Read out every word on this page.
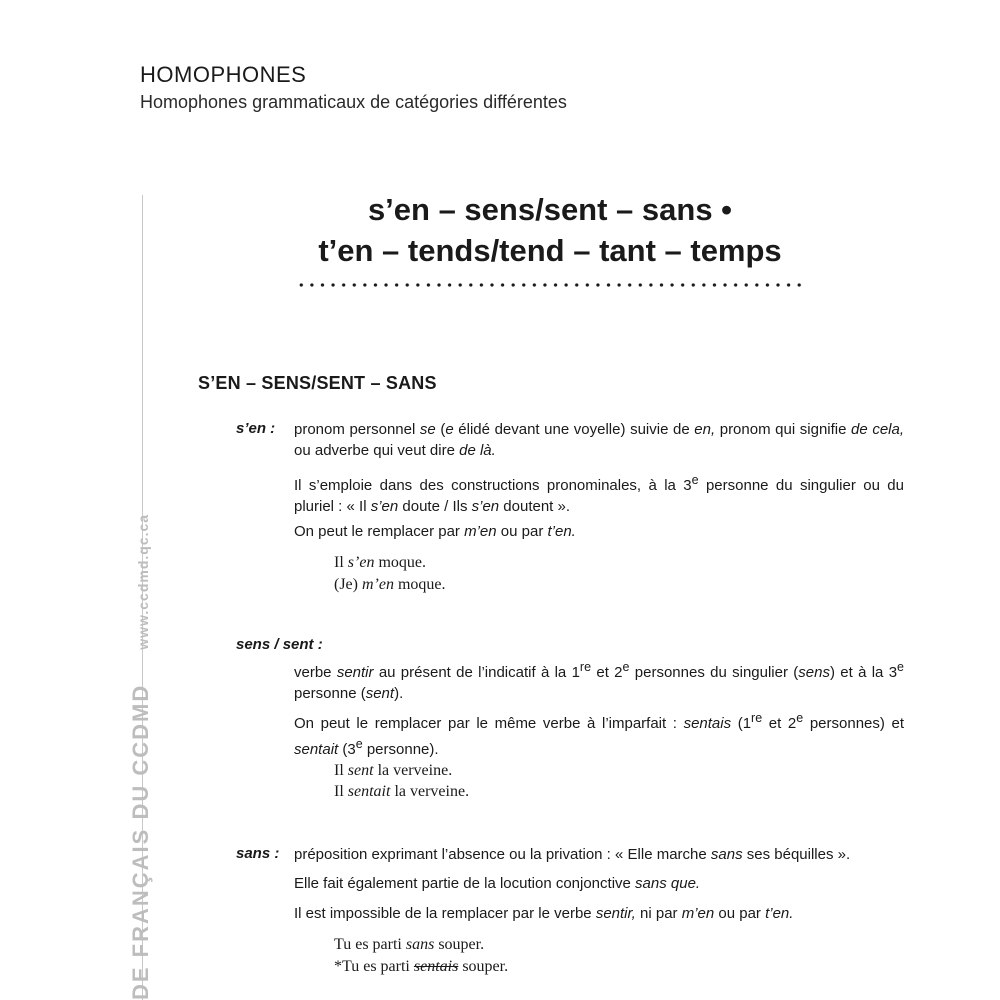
HOMOPHONES
Homophones grammaticaux de catégories différentes
DE FRANÇAIS DU CCDMDwww.ccdmd.qc.ca
s’en – sens/sent – sans •
t’en – tends/tend – tant – temps
S’EN – SENS/SENT – SANS
s’en : pronom personnel se (e élidé devant une voyelle) suivie de en, pronom qui signifie de cela, ou adverbe qui veut dire de là.
Il s’emploie dans des constructions pronominales, à la 3e personne du singulier ou du pluriel : « Il s’en doute / Ils s’en doutent ».
On peut le remplacer par m’en ou par t’en.
Il s’en moque.
(Je) m’en moque.
sens / sent :
verbe sentir au présent de l’indicatif à la 1re et 2e personnes du singulier (sens) et à la 3e personne (sent).
On peut le remplacer par le même verbe à l’imparfait : sentais (1re et 2e personnes) et sentait (3e personne).
Il sent la verveine.
Il sentait la verveine.
sans : préposition exprimant l’absence ou la privation : « Elle marche sans ses béquilles ».
Elle fait également partie de la locution conjonctive sans que.
Il est impossible de la remplacer par le verbe sentir, ni par m’en ou par t’en.
Tu es parti sans souper.
*Tu es parti sentais souper.
